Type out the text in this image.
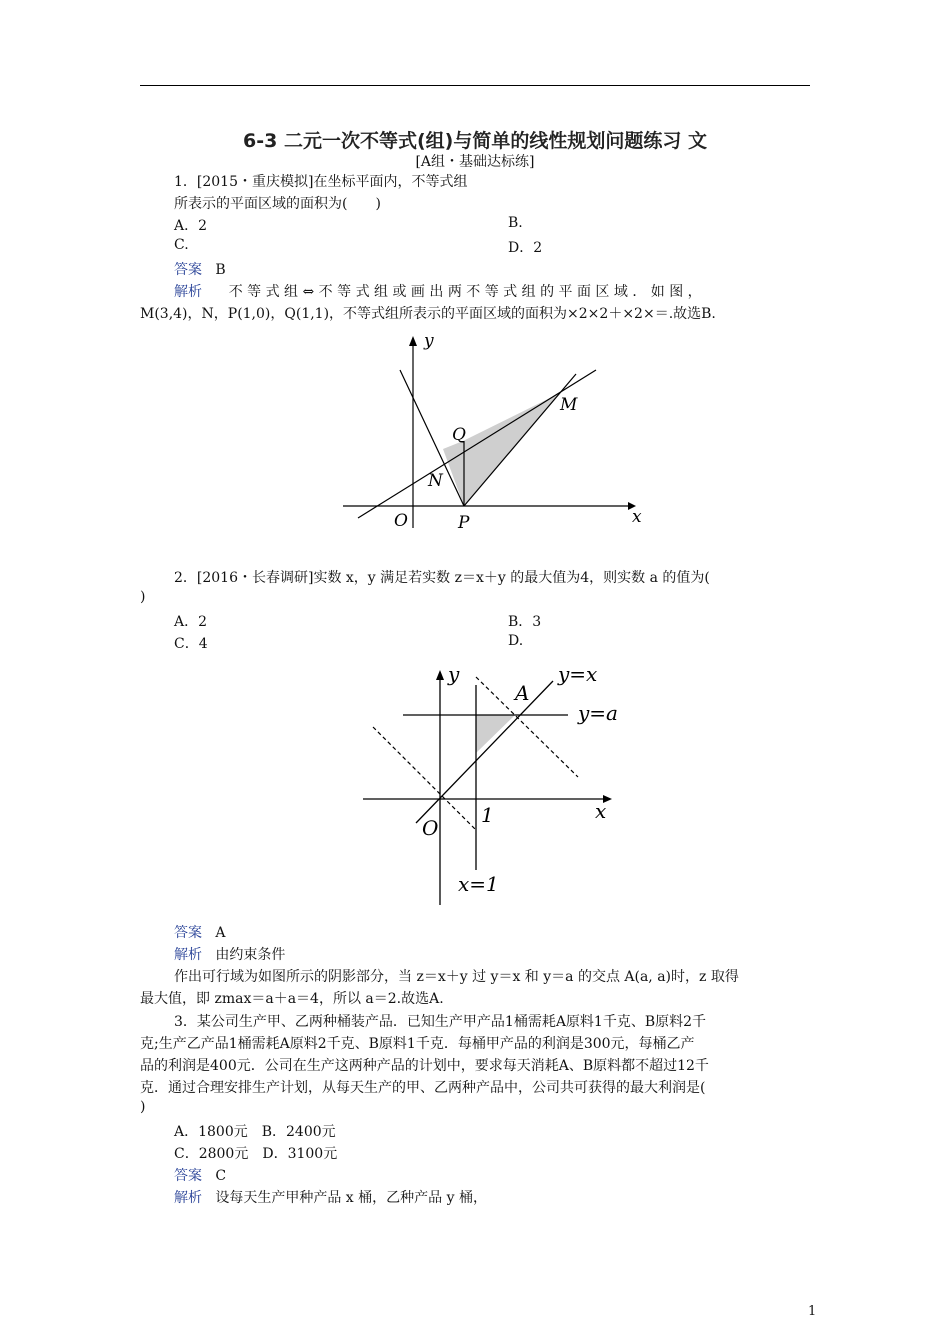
6-3 二元一次不等式(组)与简单的线性规划问题练习 文
[A组・基础达标练]
1．[2015・重庆模拟]在坐标平面内，不等式组
所表示的平面区域的面积为(　　)
A．2	B.
C.	D．2
答案 B
解析 不 等 式 组 ⇔ 不 等 式 组 或 画 出 两 不 等 式 组 的 平 面 区 域 ． 如 图 ，
M(3,4)，N，P(1,0)，Q(1,1)，不等式组所表示的平面区域的面积为×2×2＋×2×＝.故选B.
y
x
O	P
Q
N
M
2．[2016・长春调研]实数 x，y 满足若实数 z＝x＋y 的最大值为4，则实数 a 的值为(
)
A．2	B．3
C．4	D.
y
x
O
1
A
y=x
y=a
x=1
答案 A
解析 由约束条件
作出可行域为如图所示的阴影部分，当 z＝x＋y 过 y＝x 和 y＝a 的交点 A(a, a)时，z 取得
最大值，即 zmax＝a＋a＝4，所以 a＝2.故选A.
3．某公司生产甲、乙两种桶装产品．已知生产甲产品1桶需耗A原料1千克、B原料2千
克;生产乙产品1桶需耗A原料2千克、B原料1千克．每桶甲产品的利润是300元，每桶乙产
品的利润是400元．公司在生产这两种产品的计划中，要求每天消耗A、B原料都不超过12千
克．通过合理安排生产计划，从每天生产的甲、乙两种产品中，公司共可获得的最大利润是(
)
A．1800元　B．2400元
C．2800元　D．3100元
答案 C
解析 设每天生产甲种产品 x 桶，乙种产品 y 桶，
1
